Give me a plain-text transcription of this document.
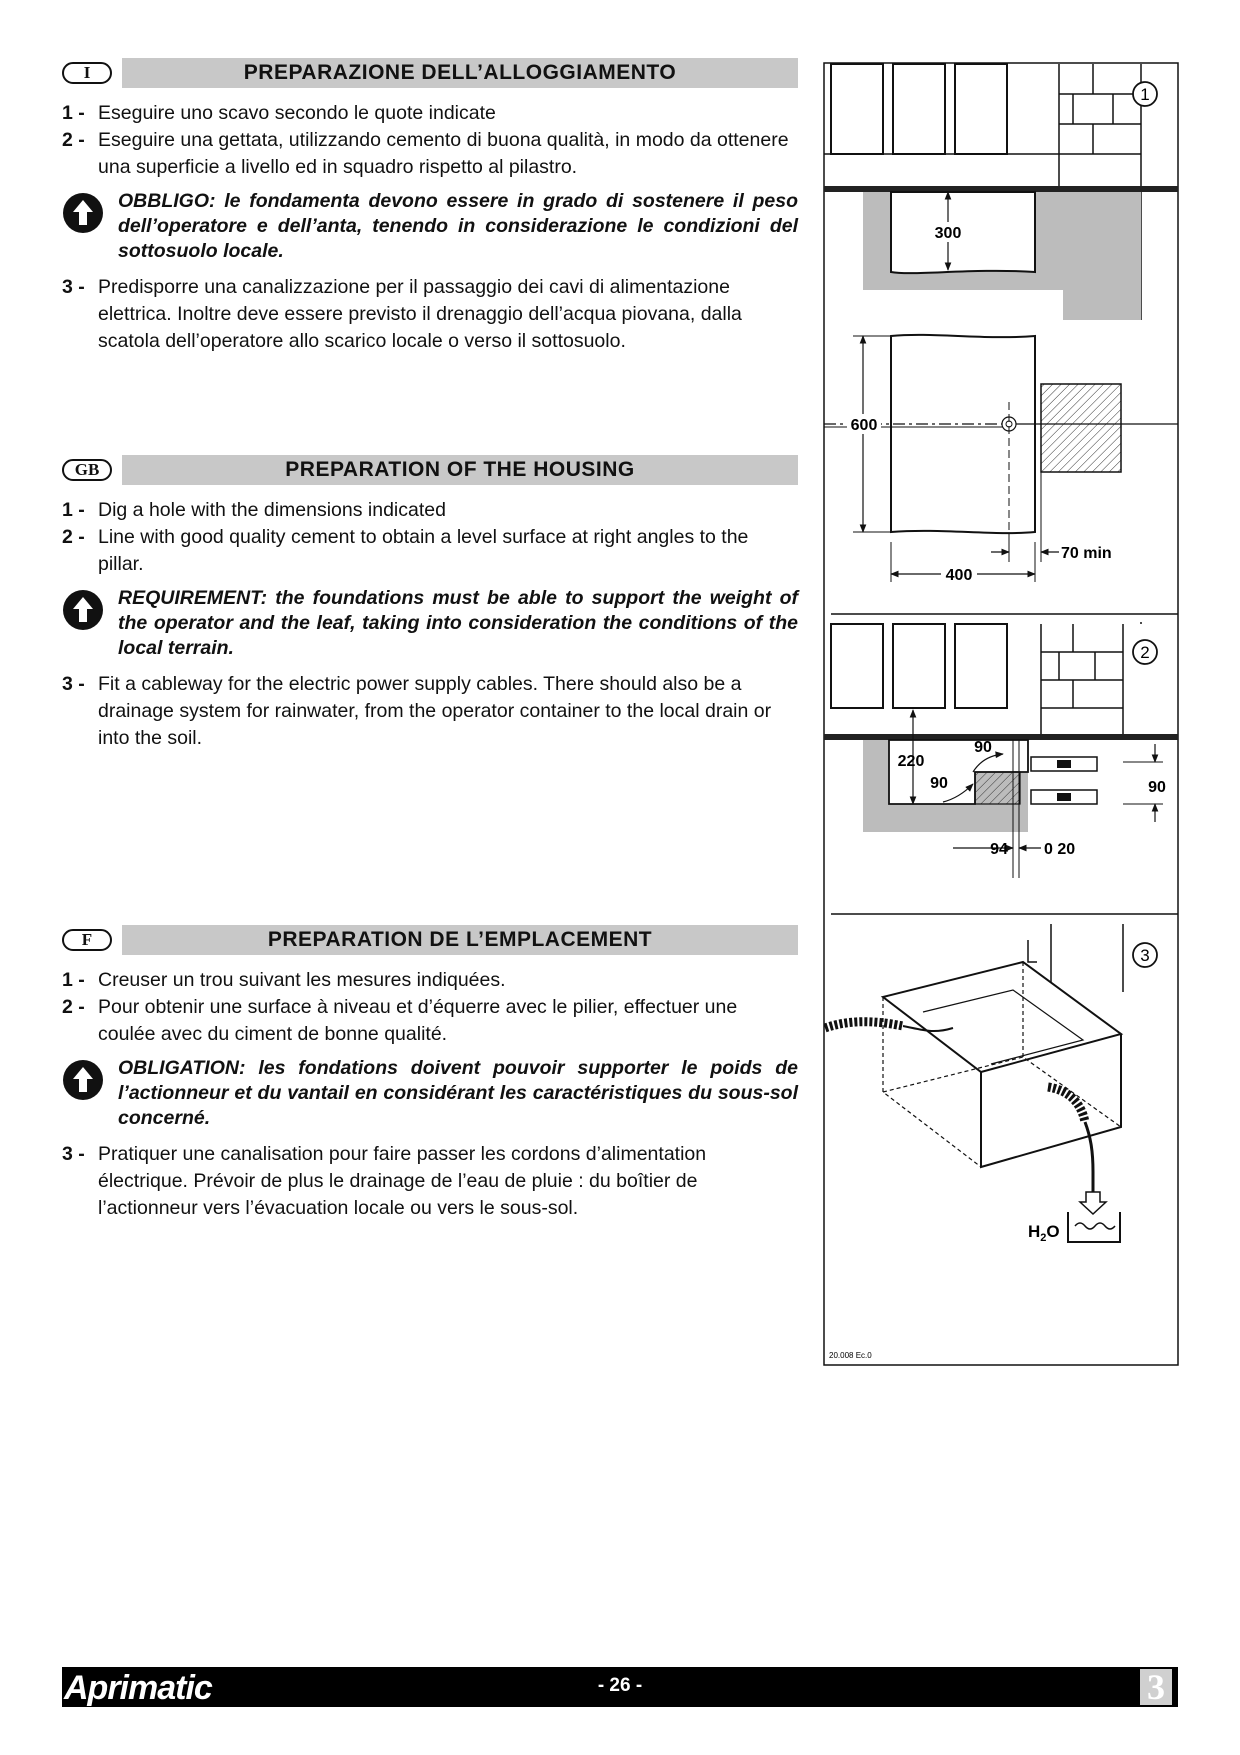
I	PREPARAZIONE DELL’ALLOGGIAMENTO
1 - Eseguire uno scavo secondo le quote indicate
2 - Eseguire una gettata, utilizzando cemento di buona qualità, in modo da ottenere una superficie a livello ed in squadro rispetto al pilastro.
OBBLIGO: le fondamenta devono essere in grado di sostenere il peso dell’operatore e dell’anta, tenendo in considerazione le condizioni del sottosuolo locale.
3 - Predisporre una canalizzazione per il passaggio dei cavi di alimentazione elettrica. Inoltre deve essere previsto il drenaggio dell’acqua piovana, dalla scatola dell’operatore allo scarico locale o verso il sottosuolo.
GB	PREPARATION OF THE HOUSING
1 - Dig a hole with the dimensions indicated
2 - Line with good quality cement to obtain a level surface at right angles to the pillar.
REQUIREMENT: the foundations must be able to support the weight of the operator and the leaf, taking into consideration the conditions of the local terrain.
3 - Fit a cableway for the electric power supply cables. There should also be a drainage system for rainwater, from the operator container to the local drain or into the soil.
F	PREPARATION DE L’EMPLACEMENT
1 - Creuser un trou suivant les mesures indiquées.
2 - Pour obtenir une surface à niveau et d’équerre avec le pilier, effectuer une coulée avec du ciment de bonne qualité.
OBLIGATION: les fondations doivent pouvoir supporter le poids de l’actionneur et du vantail en considérant les caractéristiques du sous-sol concerné.
3 - Pratiquer une canalisation pour faire passer les cordons d’alimentation électrique. Prévoir de plus le drainage de l’eau de pluie : du boîtier de l’actionneur vers l’évacuation locale ou vers le sous-sol.
300
1
600
400
70 min
220
90
90	90
94 0 20
2
$H_2O$
3
20.008 Ec.0
Aprimatic	- 26 -	3
